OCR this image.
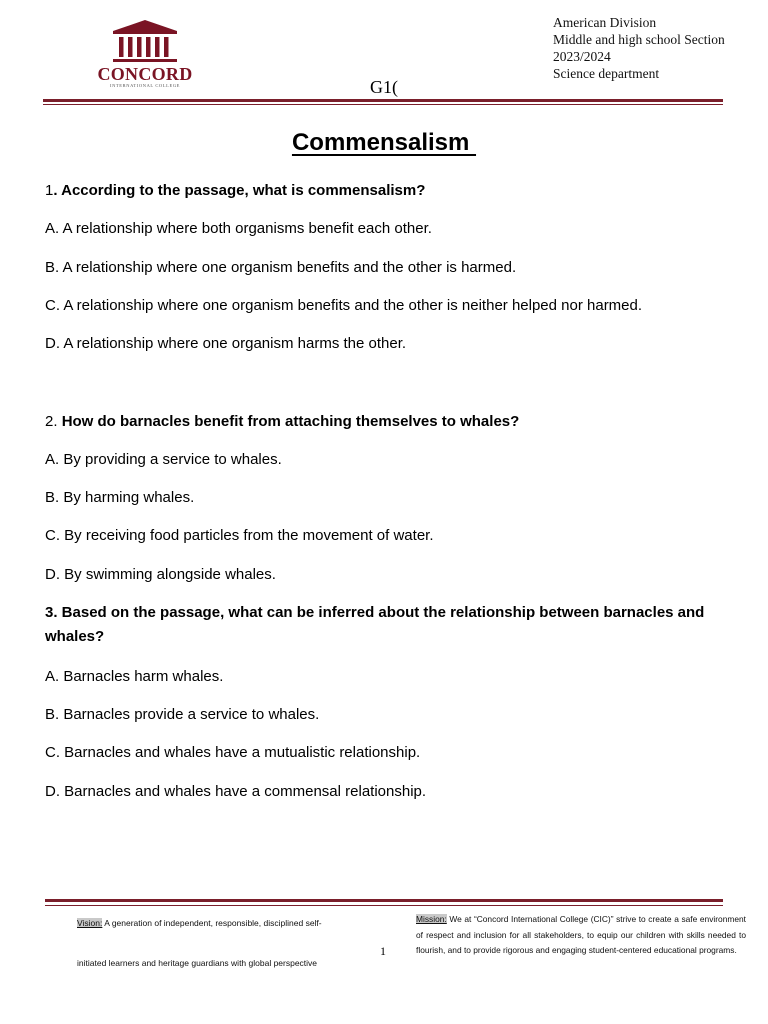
CONCORD
INTERNATIONAL COLLEGE	G1(
American Division
Middle and high school Section
2023/2024
Science department
Commensalism
1. According to the passage, what is commensalism?
A. A relationship where both organisms benefit each other.
B. A relationship where one organism benefits and the other is harmed.
C. A relationship where one organism benefits and the other is neither helped nor harmed.
D. A relationship where one organism harms the other.
2. How do barnacles benefit from attaching themselves to whales?
A. By providing a service to whales.
B. By harming whales.
C. By receiving food particles from the movement of water.
D. By swimming alongside whales.
3. Based on the passage, what can be inferred about the relationship between barnacles and
whales?
A. Barnacles harm whales.
B. Barnacles provide a service to whales.
C. Barnacles and whales have a mutualistic relationship.
D. Barnacles and whales have a commensal relationship.
Vision: A generation of independent, responsible, disciplined self-
initiated learners and heritage guardians with global perspective
1
Mission: We at “Concord International College (CIC)” strive to create a safe environment of respect and inclusion for all stakeholders, to equip our children with skills needed to flourish, and to provide rigorous and engaging student-centered educational programs.
